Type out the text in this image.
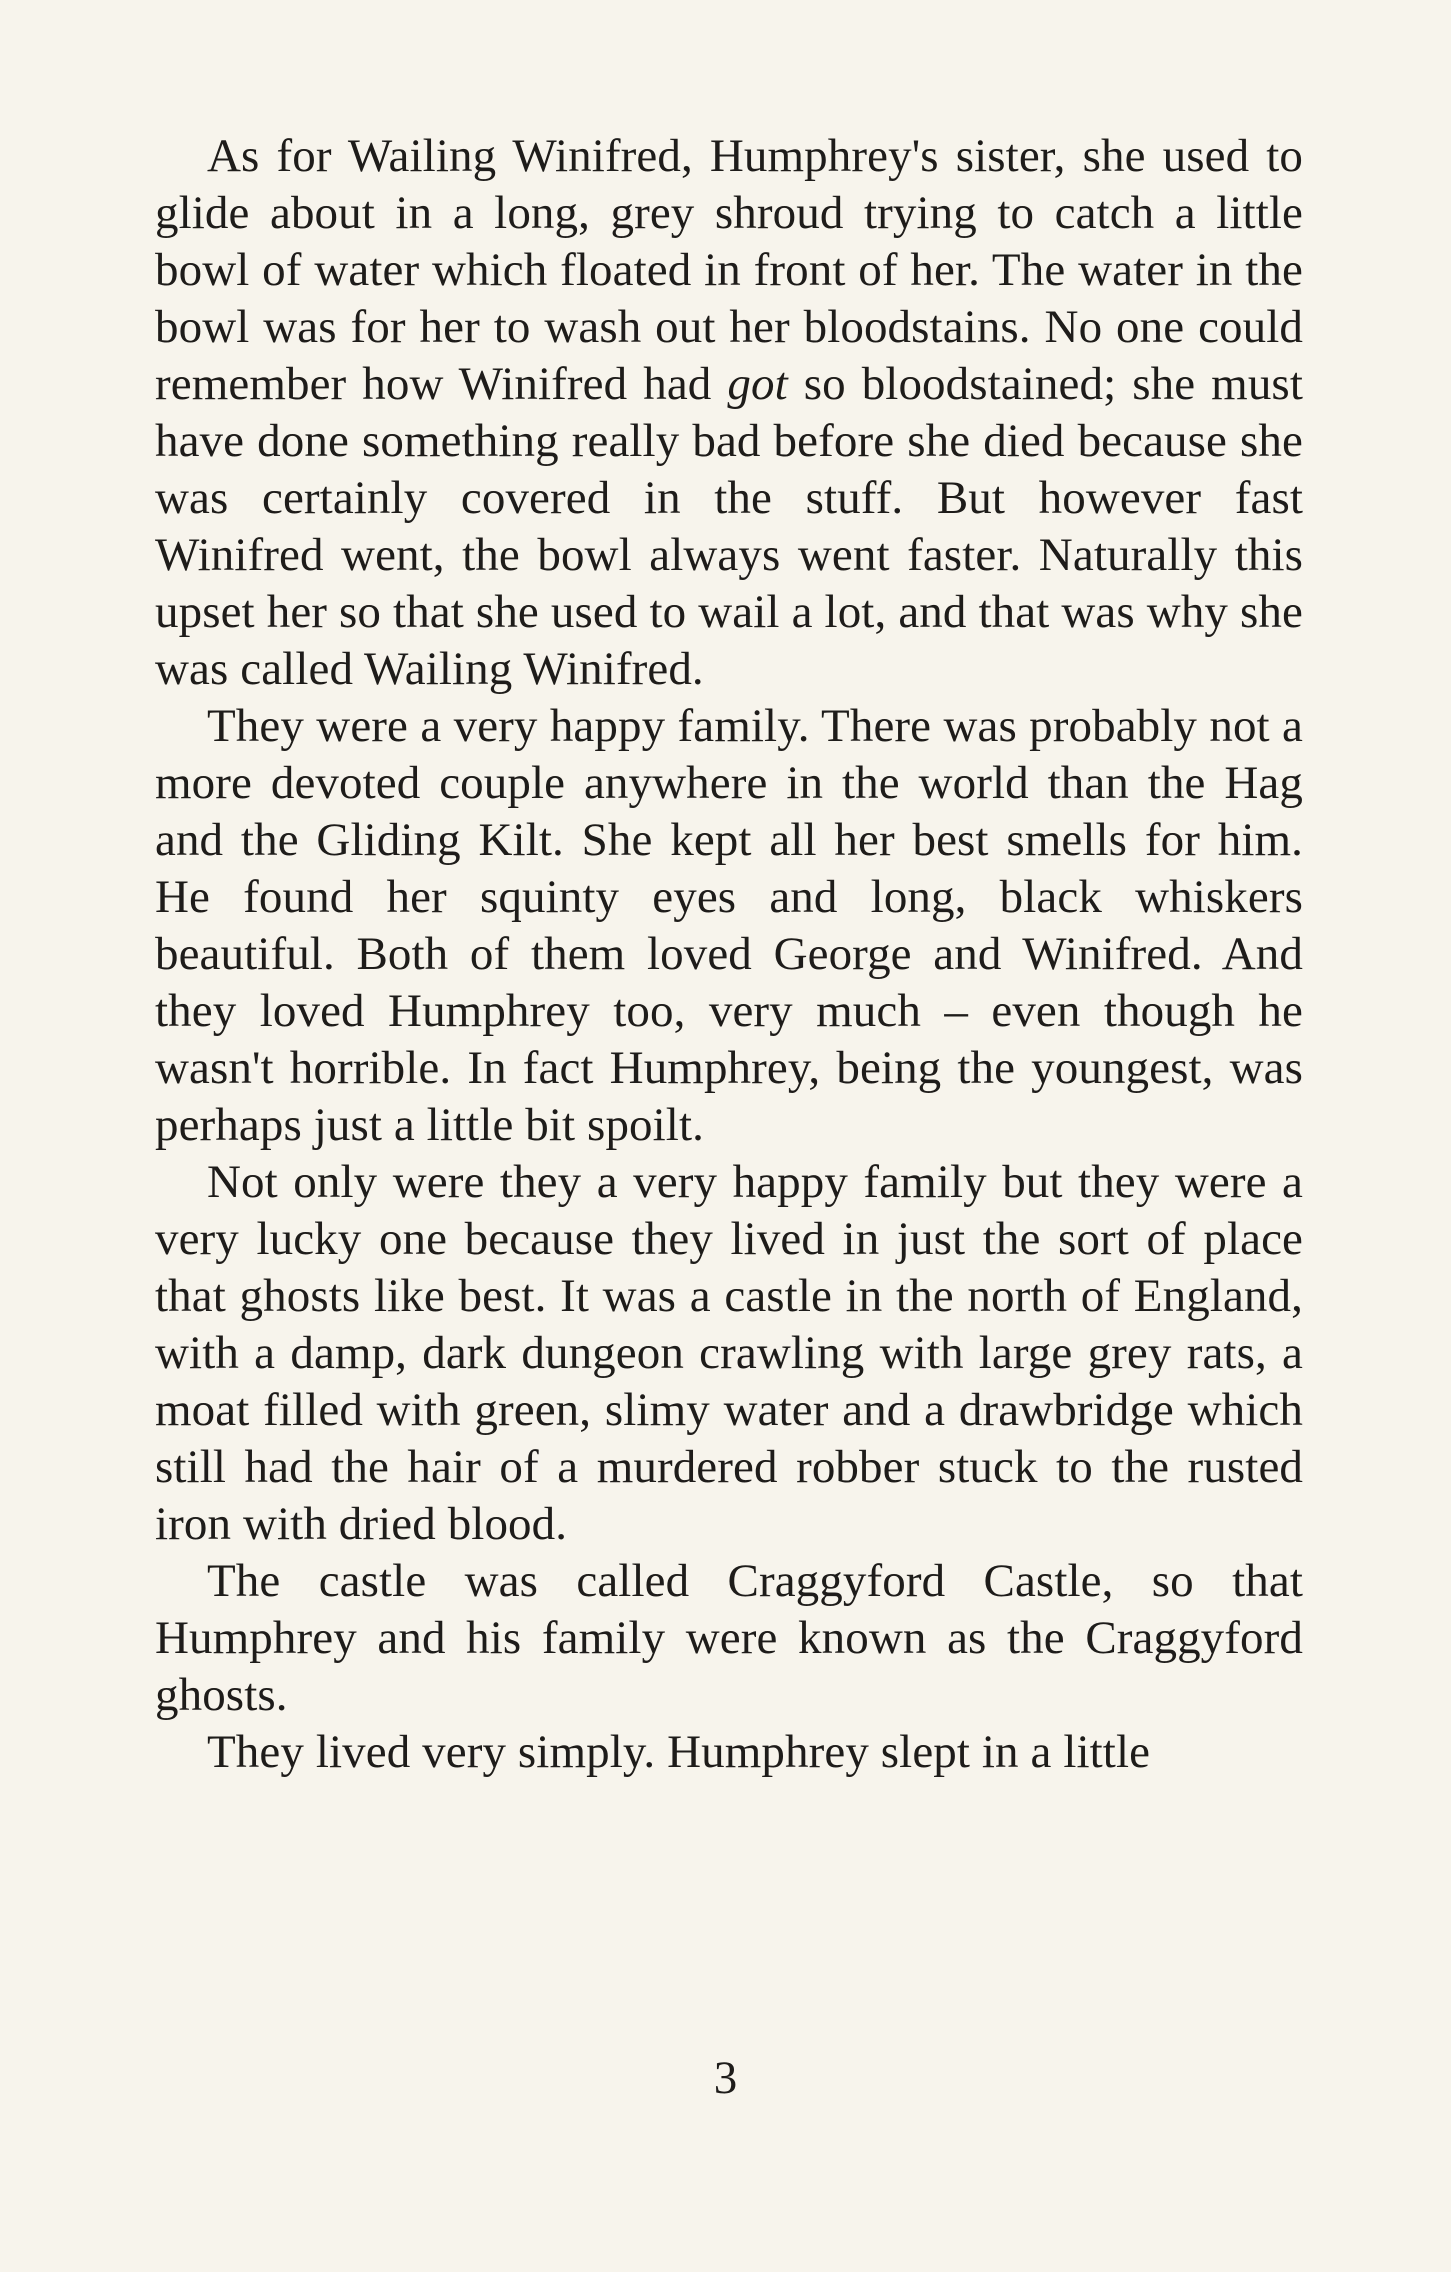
As for Wailing Winifred, Humphrey's sister, she used to glide about in a long, grey shroud trying to catch a little bowl of water which floated in front of her. The water in the bowl was for her to wash out her bloodstains. No one could remember how Winifred had got so bloodstained; she must have done something really bad before she died because she was certainly covered in the stuff. But however fast Winifred went, the bowl always went faster. Naturally this upset her so that she used to wail a lot, and that was why she was called Wailing Winifred.

They were a very happy family. There was probably not a more devoted couple anywhere in the world than the Hag and the Gliding Kilt. She kept all her best smells for him. He found her squinty eyes and long, black whiskers beautiful. Both of them loved George and Winifred. And they loved Humphrey too, very much – even though he wasn't horrible. In fact Humphrey, being the youngest, was perhaps just a little bit spoilt.

Not only were they a very happy family but they were a very lucky one because they lived in just the sort of place that ghosts like best. It was a castle in the north of England, with a damp, dark dungeon crawling with large grey rats, a moat filled with green, slimy water and a drawbridge which still had the hair of a murdered robber stuck to the rusted iron with dried blood.

The castle was called Craggyford Castle, so that Humphrey and his family were known as the Craggyford ghosts.

They lived very simply. Humphrey slept in a little

3
